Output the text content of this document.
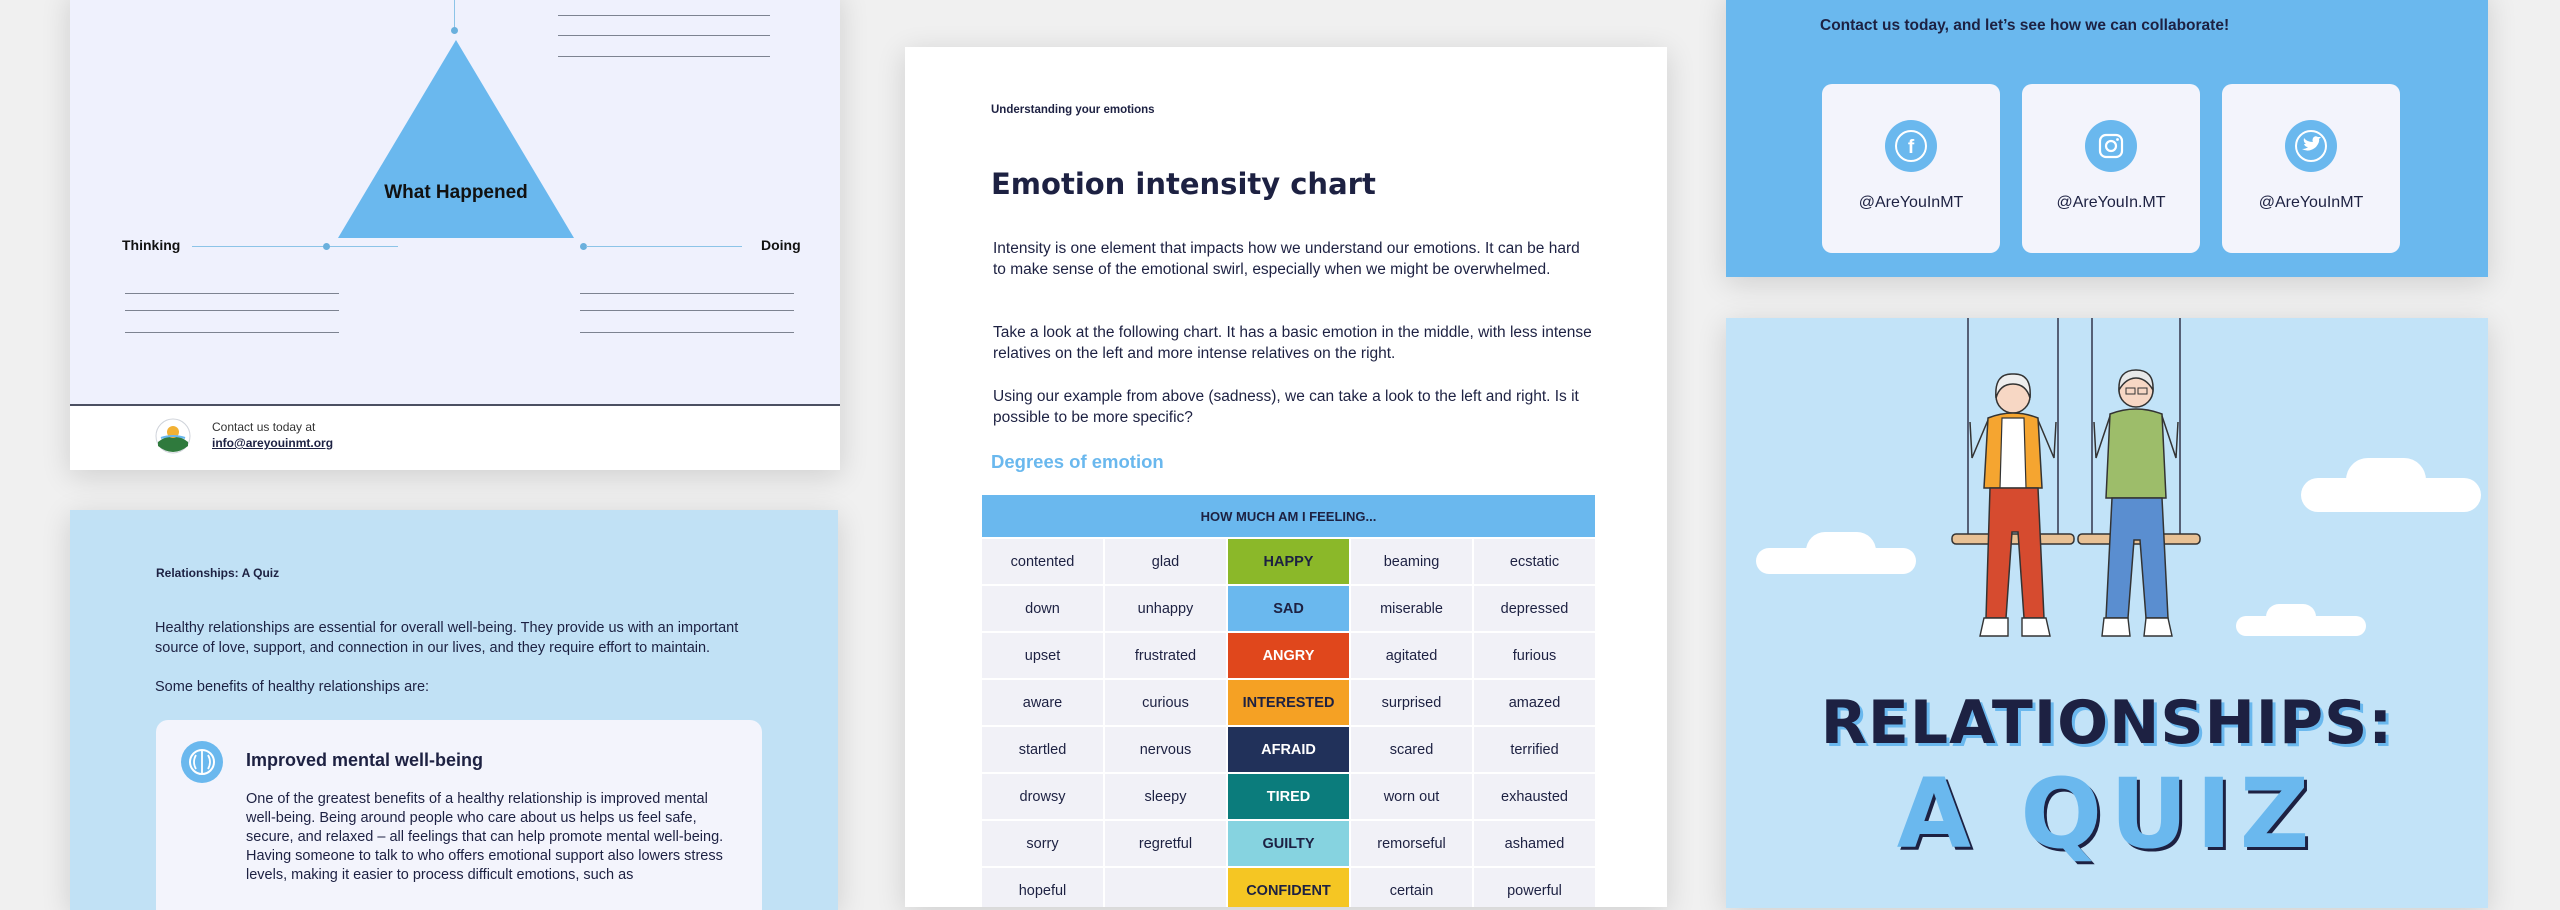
What Happened
Thinking	Doing
Contact us today at
info@areyouinmt.org
Relationships: A Quiz

Healthy relationships are essential for overall well-being. They provide us with an important source of love, support, and connection in our lives, and they require effort to maintain.

Some benefits of healthy relationships are:

Improved mental well-being

One of the greatest benefits of a healthy relationship is improved mental well-being. Being around people who care about us helps us feel safe, secure, and relaxed – all feelings that can help promote mental well-being. Having someone to talk to who offers emotional support also lowers stress levels, making it easier to process difficult emotions, such as

Understanding your emotions
Emotion intensity chart

Intensity is one element that impacts how we understand our emotions. It can be hard to make sense of the emotional swirl, especially when we might be overwhelmed.

Take a look at the following chart. It has a basic emotion in the middle, with less intense relatives on the left and more intense relatives on the right.

Using our example from above (sadness), we can take a look to the left and right. Is it possible to be more specific?

Degrees of emotion
HOW MUCH AM I FEELING...				
contented	glad	HAPPY	beaming	ecstatic
down	unhappy	SAD	miserable	depressed
upset	frustrated	ANGRY	agitated	furious
aware	curious	INTERESTED	surprised	amazed
startled	nervous	AFRAID	scared	terrified
drowsy	sleepy	TIRED	worn out	exhausted
sorry	regretful	GUILTY	remorseful	ashamed
hopeful		CONFIDENT	certain	powerful
Contact us today, and let’s see how we can collaborate!
f
@AreYouInMT	@AreYouIn.MT	@AreYouInMT
RELATIONSHIPS:
A QUIZ
